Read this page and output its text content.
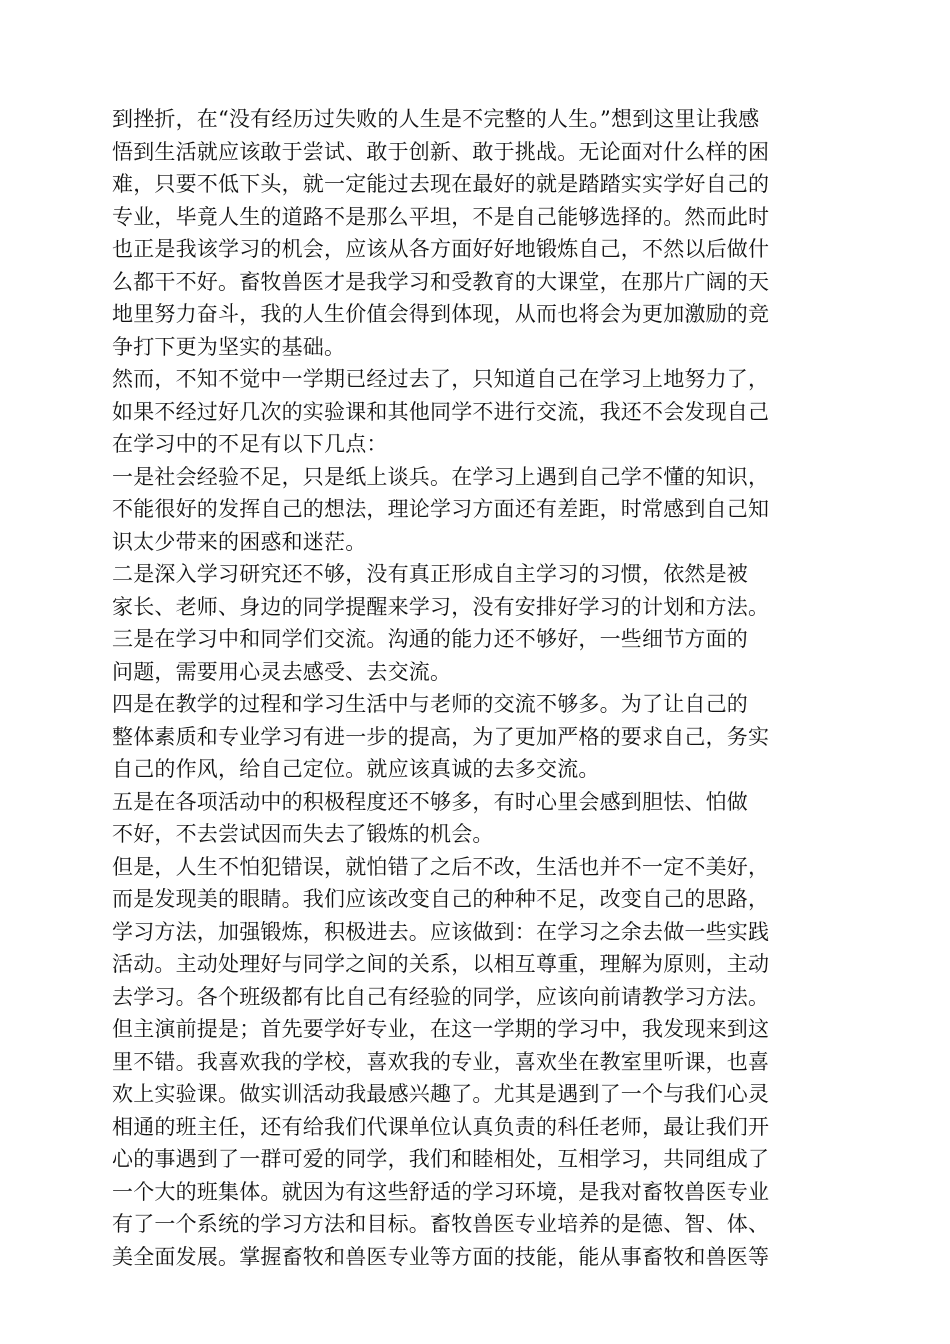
到挫折，在“没有经历过失败的人生是不完整的人生。”想到这里让我感
悟到生活就应该敢于尝试、敢于创新、敢于挑战。无论面对什么样的困
难，只要不低下头，就一定能过去现在最好的就是踏踏实实学好自己的
专业，毕竟人生的道路不是那么平坦，不是自己能够选择的。然而此时
也正是我该学习的机会，应该从各方面好好地锻炼自己，不然以后做什
么都干不好。畜牧兽医才是我学习和受教育的大课堂，在那片广阔的天
地里努力奋斗，我的人生价值会得到体现，从而也将会为更加激励的竞
争打下更为坚实的基础。
然而，不知不觉中一学期已经过去了，只知道自己在学习上地努力了，
如果不经过好几次的实验课和其他同学不进行交流，我还不会发现自己
在学习中的不足有以下几点：
一是社会经验不足，只是纸上谈兵。在学习上遇到自己学不懂的知识，
不能很好的发挥自己的想法，理论学习方面还有差距，时常感到自己知
识太少带来的困惑和迷茫。
二是深入学习研究还不够，没有真正形成自主学习的习惯，依然是被
家长、老师、身边的同学提醒来学习，没有安排好学习的计划和方法。
三是在学习中和同学们交流。沟通的能力还不够好，一些细节方面的
问题，需要用心灵去感受、去交流。
四是在教学的过程和学习生活中与老师的交流不够多。为了让自己的
整体素质和专业学习有进一步的提高，为了更加严格的要求自己，务实
自己的作风，给自己定位。就应该真诚的去多交流。
五是在各项活动中的积极程度还不够多，有时心里会感到胆怯、怕做
不好，不去尝试因而失去了锻炼的机会。
但是，人生不怕犯错误，就怕错了之后不改，生活也并不一定不美好，
而是发现美的眼睛。我们应该改变自己的种种不足，改变自己的思路，
学习方法，加强锻炼，积极进去。应该做到：在学习之余去做一些实践
活动。主动处理好与同学之间的关系，以相互尊重，理解为原则，主动
去学习。各个班级都有比自己有经验的同学，应该向前请教学习方法。
但主演前提是；首先要学好专业，在这一学期的学习中，我发现来到这
里不错。我喜欢我的学校，喜欢我的专业，喜欢坐在教室里听课，也喜
欢上实验课。做实训活动我最感兴趣了。尤其是遇到了一个与我们心灵
相通的班主任，还有给我们代课单位认真负责的科任老师，最让我们开
心的事遇到了一群可爱的同学，我们和睦相处，互相学习，共同组成了
一个大的班集体。就因为有这些舒适的学习环境，是我对畜牧兽医专业
有了一个系统的学习方法和目标。畜牧兽医专业培养的是德、智、体、
美全面发展。掌握畜牧和兽医专业等方面的技能，能从事畜牧和兽医等
